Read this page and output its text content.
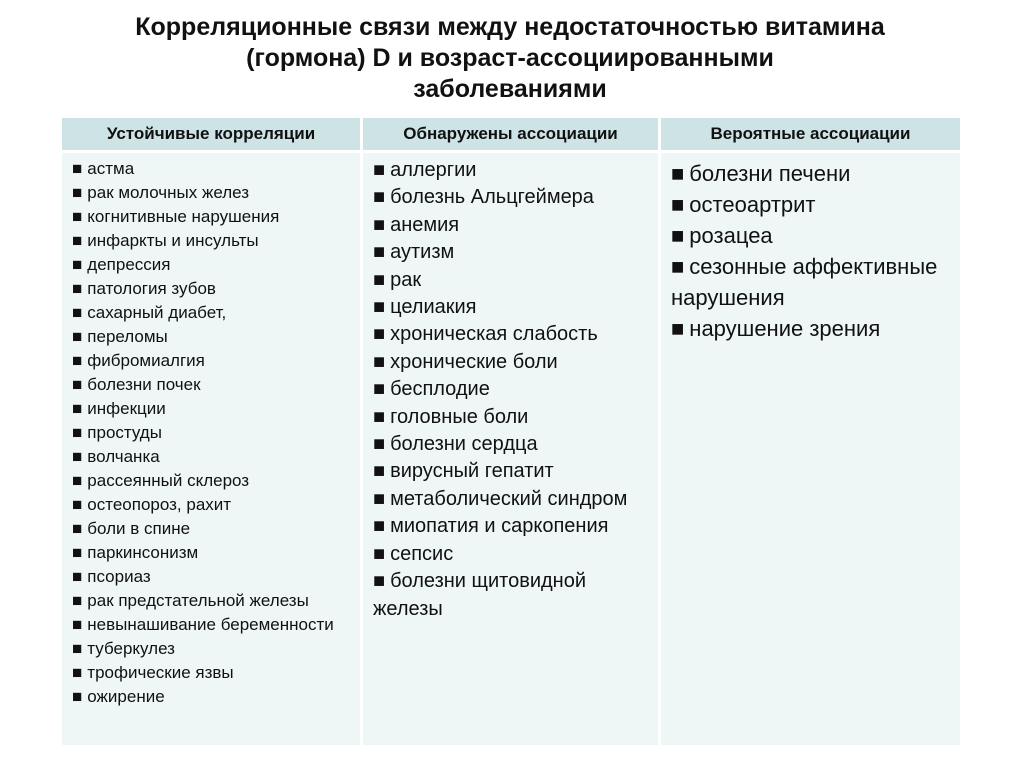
Корреляционные связи между недостаточностью витамина
(гормона) D и возраст-ассоциированными
заболеваниями
Устойчивые корреляции	Обнаружены ассоциации	Вероятные ассоциации
■ астма
■ рак молочных желез
■ когнитивные нарушения
■ инфаркты и инсульты
■ депрессия
■ патология зубов
■ сахарный диабет,
■ переломы
■ фибромиалгия
■ болезни почек
■ инфекции
■ простуды
■ волчанка
■ рассеянный склероз
■ остеопороз, рахит
■ боли в спине
■ паркинсонизм
■ псориаз
■ рак предстательной железы
■ невынашивание беременности
■ туберкулез
■ трофические язвы
■ ожирение
■ аллергии
■ болезнь Альцгеймера
■ анемия
■ аутизм
■ рак
■ целиакия
■ хроническая слабость
■ хронические боли
■ бесплодие
■ головные боли
■ болезни сердца
■ вирусный гепатит
■ метаболический синдром
■ миопатия и саркопения
■ сепсис
■ болезни щитовидной железы
■ болезни печени
■ остеоартрит
■ розацеа
■ сезонные аффективные нарушения
■ нарушение зрения
